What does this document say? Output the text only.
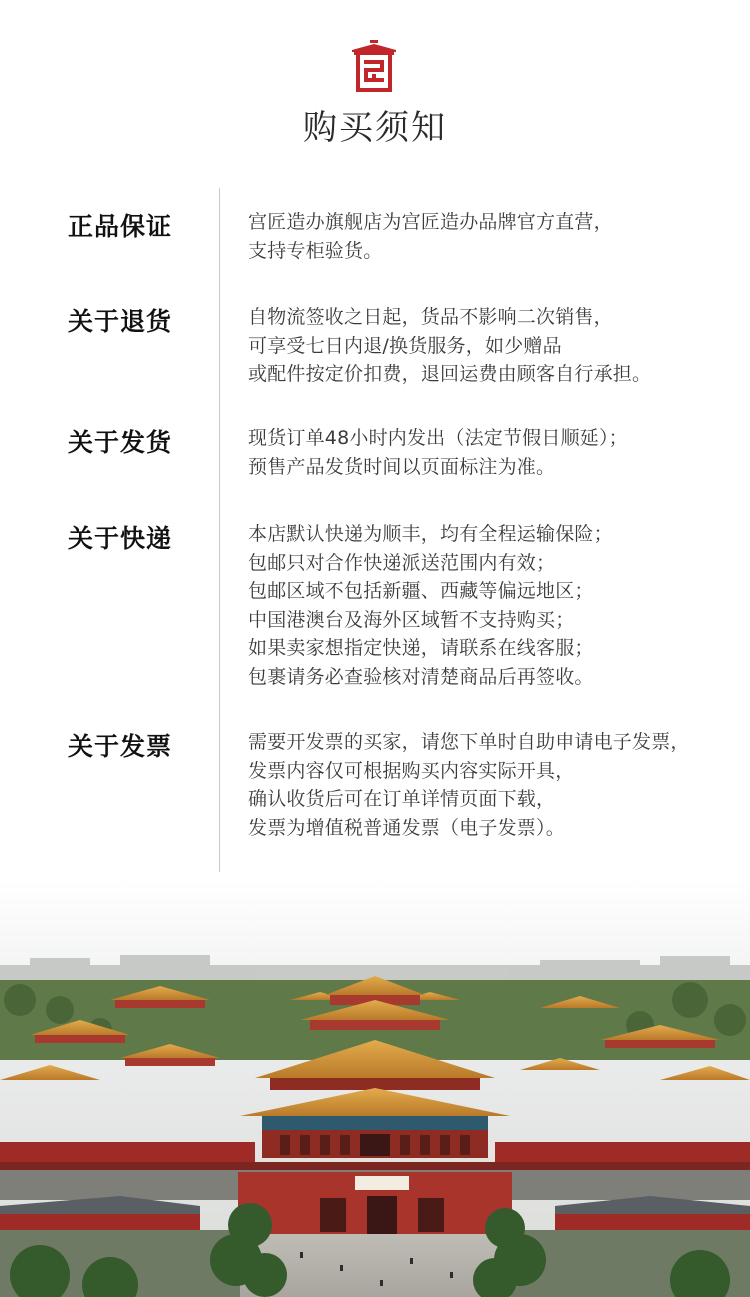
购买须知
正品保证	宫匠造办旗舰店为宫匠造办品牌官方直营，
支持专柜验货。
关于退货	自物流签收之日起，货品不影响二次销售，
可享受七日内退/换货服务，如少赠品
或配件按定价扣费，退回运费由顾客自行承担。
关于发货	现货订单48小时内发出（法定节假日顺延）；
预售产品发货时间以页面标注为准。
关于快递	本店默认快递为顺丰，均有全程运输保险；
包邮只对合作快递派送范围内有效；
包邮区域不包括新疆、西藏等偏远地区；
中国港澳台及海外区域暂不支持购买；
如果卖家想指定快递，请联系在线客服；
包裹请务必查验核对清楚商品后再签收。
关于发票	需要开发票的买家，请您下单时自助申请电子发票，
发票内容仅可根据购买内容实际开具，
确认收货后可在订单详情页面下载，
发票为增值税普通发票（电子发票）。
